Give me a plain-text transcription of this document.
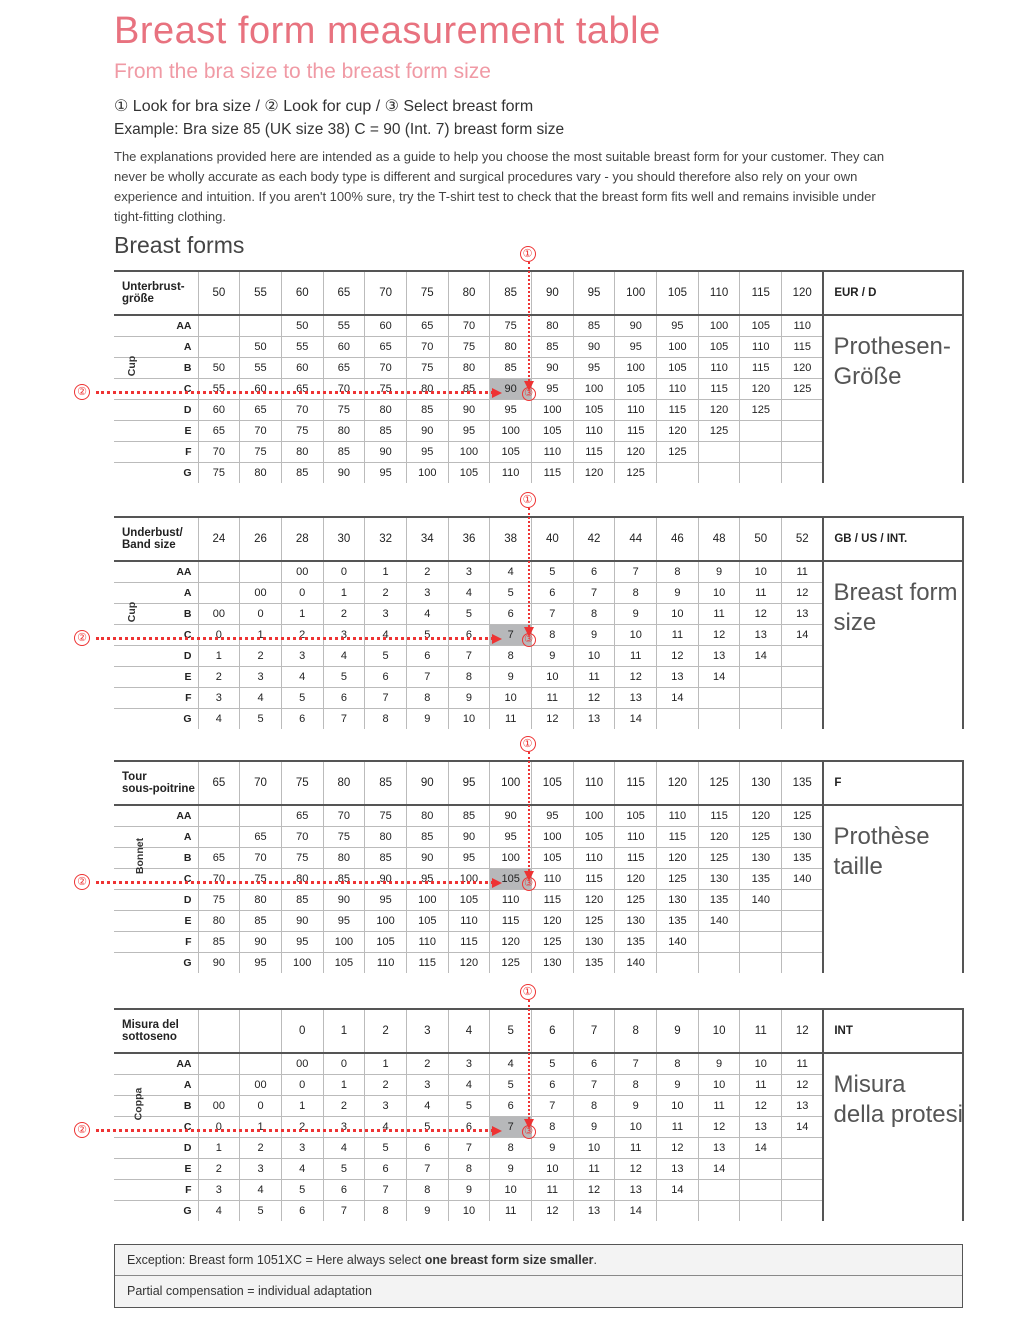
Breast form measurement table
From the bra size to the breast form size
① Look for bra size / ② Look for cup / ③ Select breast form
Example: Bra size 85 (UK size 38) C = 90 (Int. 7) breast form size
The explanations provided here are intended as a guide to help you choose the most suitable breast form for your customer. They can never be wholly accurate as each body type is different and surgical procedures vary - you should therefore also rely on your own experience and intuition. If you aren't 100% sure, try the T-shirt test to check that the breast form fits well and remains invisible under tight-fitting clothing.
Breast forms
Unterbrust-
größe	50	55	60	65	70	75	80	85	90	95	100	105	110	115	120	EUR / D
AA			50	55	60	65	70	75	80	85	90	95	100	105	110	
A		50	55	60	65	70	75	80	85	90	95	100	105	110	115	
B	50	55	60	65	70	75	80	85	90	95	100	105	110	115	120	
C	55	60	65	70	75	80	85	90	95	100	105	110	115	120	125	
D	60	65	70	75	80	85	90	95	100	105	110	115	120	125		
E	65	70	75	80	85	90	95	100	105	110	115	120	125			
F	70	75	80	85	90	95	100	105	110	115	120	125				
G	75	80	85	90	95	100	105	110	115	120	125					
Cup
Prothesen-
Größe
①
②	③
Underbust/
Band size	24	26	28	30	32	34	36	38	40	42	44	46	48	50	52	GB / US / INT.
AA			00	0	1	2	3	4	5	6	7	8	9	10	11	
A		00	0	1	2	3	4	5	6	7	8	9	10	11	12	
B	00	0	1	2	3	4	5	6	7	8	9	10	11	12	13	
C	0	1	2	3	4	5	6	7	8	9	10	11	12	13	14	
D	1	2	3	4	5	6	7	8	9	10	11	12	13	14		
E	2	3	4	5	6	7	8	9	10	11	12	13	14			
F	3	4	5	6	7	8	9	10	11	12	13	14				
G	4	5	6	7	8	9	10	11	12	13	14					
Cup
Breast form
size
①
②	③
Tour
sous-poitrine	65	70	75	80	85	90	95	100	105	110	115	120	125	130	135	F
AA			65	70	75	80	85	90	95	100	105	110	115	120	125	
A		65	70	75	80	85	90	95	100	105	110	115	120	125	130	
B	65	70	75	80	85	90	95	100	105	110	115	120	125	130	135	
C	70	75	80	85	90	95	100	105	110	115	120	125	130	135	140	
D	75	80	85	90	95	100	105	110	115	120	125	130	135	140		
E	80	85	90	95	100	105	110	115	120	125	130	135	140			
F	85	90	95	100	105	110	115	120	125	130	135	140				
G	90	95	100	105	110	115	120	125	130	135	140					
Bonnet
Prothèse
taille
①
②	③
Misura del
sottoseno			0	1	2	3	4	5	6	7	8	9	10	11	12	INT
AA			00	0	1	2	3	4	5	6	7	8	9	10	11	
A		00	0	1	2	3	4	5	6	7	8	9	10	11	12	
B	00	0	1	2	3	4	5	6	7	8	9	10	11	12	13	
C	0	1	2	3	4	5	6	7	8	9	10	11	12	13	14	
D	1	2	3	4	5	6	7	8	9	10	11	12	13	14		
E	2	3	4	5	6	7	8	9	10	11	12	13	14			
F	3	4	5	6	7	8	9	10	11	12	13	14				
G	4	5	6	7	8	9	10	11	12	13	14					
Coppa
Misura
della protesi
①
②	③
Exception: Breast form 1051XC = Here always select one breast form size smaller.
Partial compensation = individual adaptation
